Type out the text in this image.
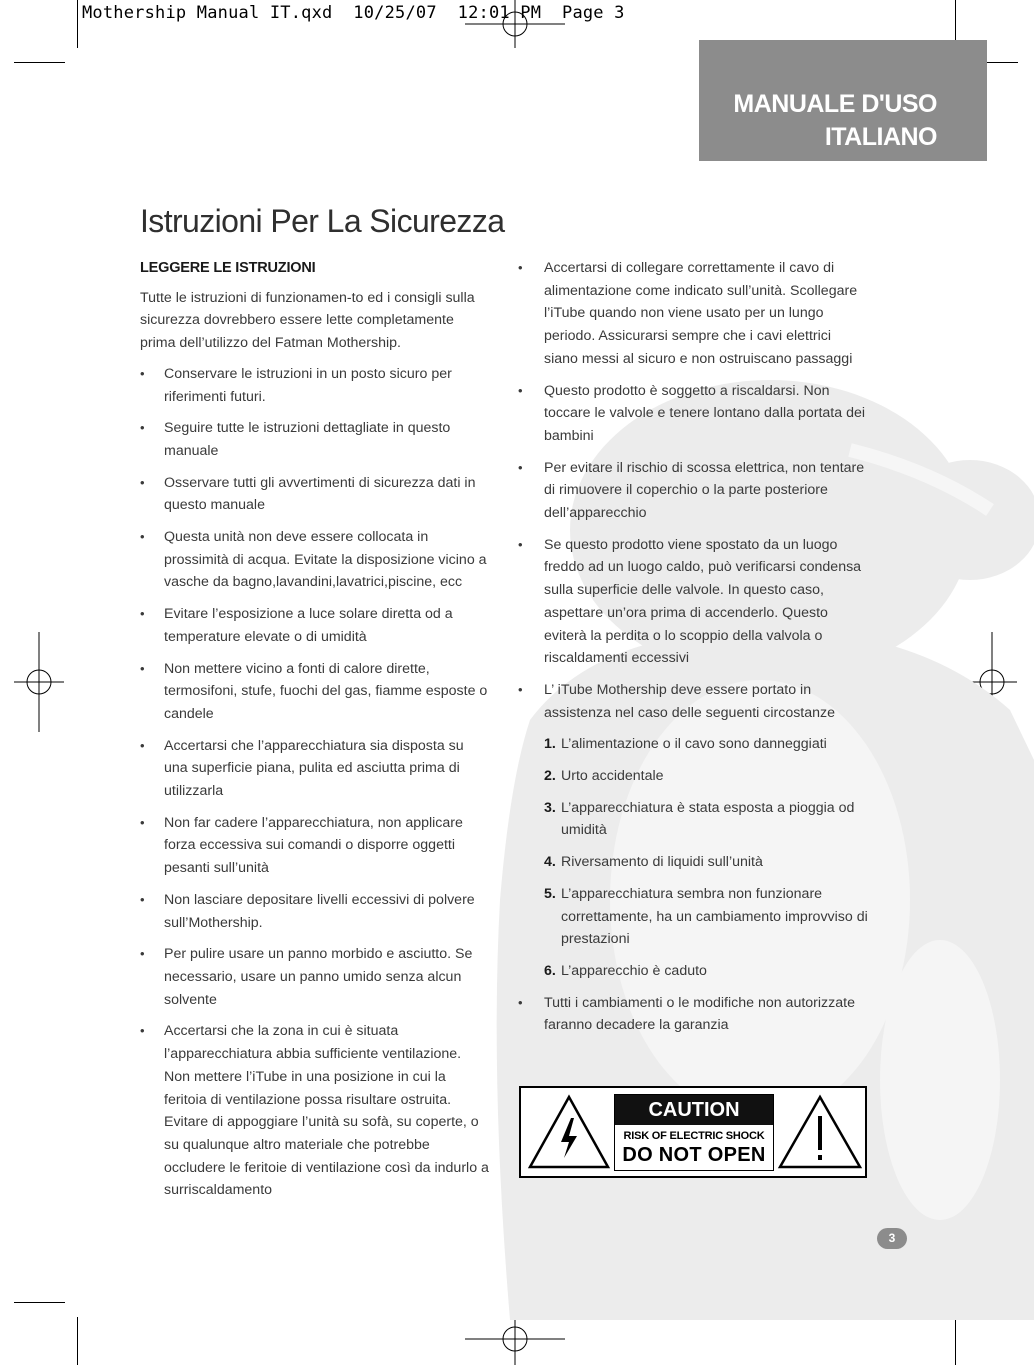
Mothership Manual IT.qxd  10/25/07  12:01 PM  Page 3
MANUALE D'USO
ITALIANO
Istruzioni Per La Sicurezza
LEGGERE LE ISTRUZIONI

Tutte le istruzioni di funzionamen-to ed i consigli sulla sicurezza dovrebbero essere lette completamente prima dell’utilizzo del Fatman Mothership.

• Conservare le istruzioni in un posto sicuro per riferimenti futuri.
• Seguire tutte le istruzioni dettagliate in questo manuale
• Osservare tutti gli avvertimenti di sicurezza dati in questo manuale
• Questa unità non deve essere collocata in prossimità di acqua. Evitate la disposizione vicino a vasche da bagno,lavandini,lavatrici,piscine, ecc
• Evitare l’esposizione a luce solare diretta od a temperature elevate o di umidità
• Non mettere vicino a fonti di calore dirette, termosifoni, stufe, fuochi del gas, fiamme esposte o candele
• Accertarsi che l’apparecchiatura sia disposta su una superficie piana, pulita ed asciutta prima di utilizzarla
• Non far cadere l’apparecchiatura, non applicare forza eccessiva sui comandi o disporre oggetti pesanti sull’unità
• Non lasciare depositare livelli eccessivi di polvere sull’Mothership.
• Per pulire usare un panno morbido e asciutto. Se necessario, usare un panno umido senza alcun solvente
• Accertarsi che la zona in cui è situata l’apparecchiatura abbia sufficiente ventilazione. Non mettere l’iTube in una posizione in cui la feritoia di ventilazione possa risultare ostruita. Evitare di appoggiare l’unità su sofà, su coperte, o su qualunque altro materiale che potrebbe occludere le feritoie di ventilazione così da indurlo a surriscaldamento
• Accertarsi di collegare correttamente il cavo di alimentazione come indicato sull’unità. Scollegare l’iTube quando non viene usato per un lungo periodo. Assicurarsi sempre che i cavi elettrici siano messi al sicuro e non ostruiscano passaggi
• Questo prodotto è soggetto a riscaldarsi. Non toccare le valvole e tenere lontano dalla portata dei bambini
• Per evitare il rischio di scossa elettrica, non tentare di rimuovere il coperchio o la parte posteriore dell’apparecchio
• Se questo prodotto viene spostato da un luogo freddo ad un luogo caldo, può verificarsi condensa sulla superficie delle valvole. In questo caso, aspettare un’ora prima di accenderlo. Questo eviterà la perdita o lo scoppio della valvola o riscaldamenti eccessivi
• L’ iTube Mothership deve essere portato in assistenza nel caso delle seguenti circostanze
1. L’alimentazione o il cavo sono danneggiati
2. Urto accidentale
3. L’apparecchiatura è stata esposta a pioggia od umidità
4. Riversamento di liquidi sull’unità
5. L’apparecchiatura sembra non funzionare correttamente, ha un cambiamento improvviso di prestazioni
6. L’apparecchio è caduto
• Tutti i cambiamenti o le modifiche non autorizzate faranno decadere la garanzia
CAUTION
RISK OF ELECTRIC SHOCK
DO NOT OPEN
3
